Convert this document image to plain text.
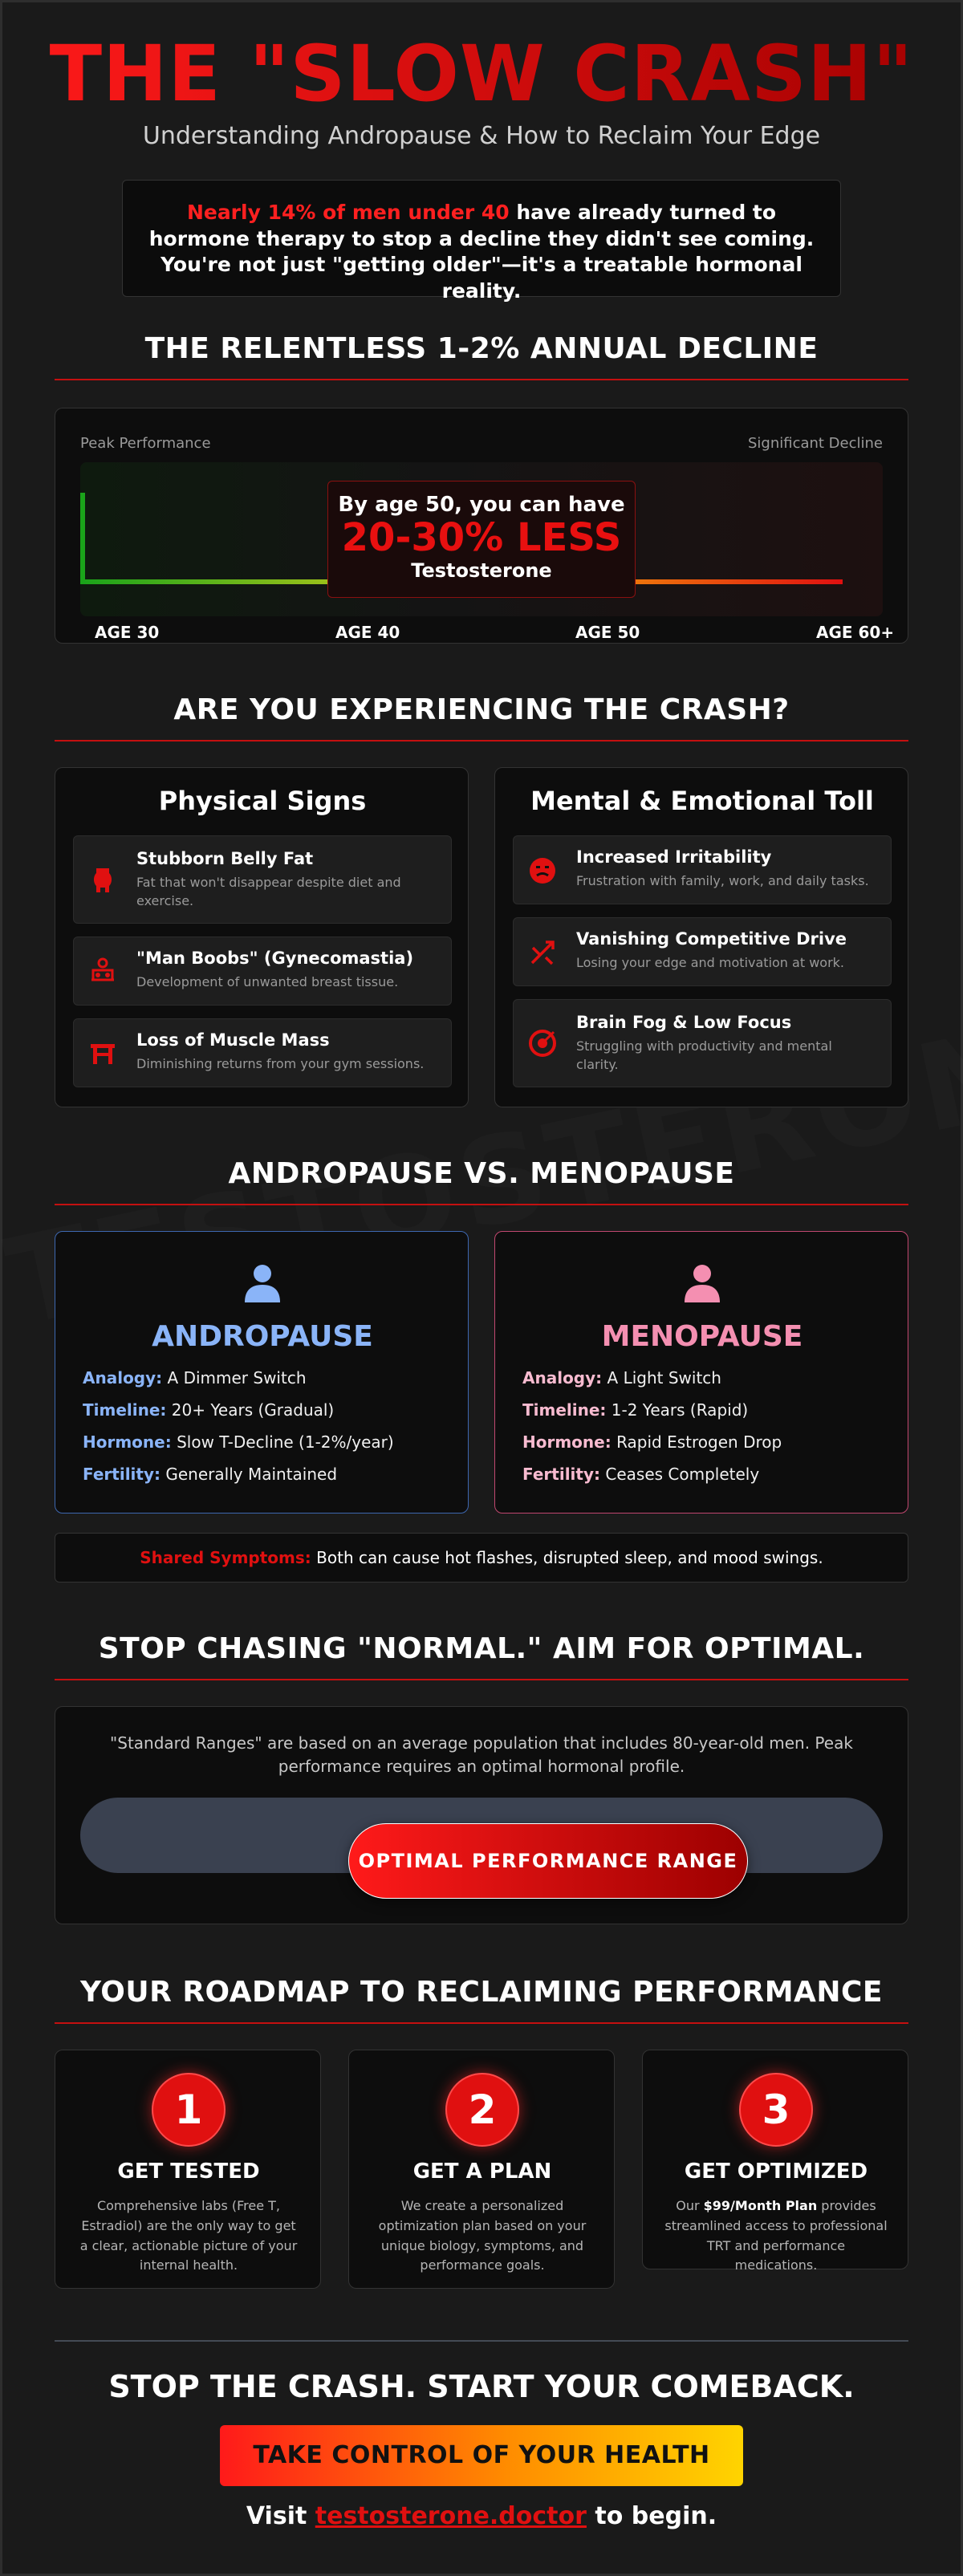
THE "SLOW CRASH"
Understanding Andropause & How to Reclaim Your Edge
Nearly 14% of men under 40 have already turned to hormone therapy to stop a decline they didn't see coming. You're not just "getting older"—it's a treatable hormonal reality.
THE RELENTLESS 1-2% ANNUAL DECLINE
Peak Performance	Significant Decline
By age 50, you can have
20-30% LESS
Testosterone
AGE 30	AGE 40	AGE 50	AGE 60+
ARE YOU EXPERIENCING THE CRASH?
Physical Signs
Stubborn Belly Fat
Fat that won't disappear despite diet and exercise.
"Man Boobs" (Gynecomastia)
Development of unwanted breast tissue.
Loss of Muscle Mass
Diminishing returns from your gym sessions.
Mental & Emotional Toll
Increased Irritability
Frustration with family, work, and daily tasks.
Vanishing Competitive Drive
Losing your edge and motivation at work.
Brain Fog & Low Focus
Struggling with productivity and mental clarity.
ANDROPAUSE VS. MENOPAUSE
ANDROPAUSE
Analogy: A Dimmer Switch
Timeline: 20+ Years (Gradual)
Hormone: Slow T-Decline (1-2%/year)
Fertility: Generally Maintained
MENOPAUSE
Analogy: A Light Switch
Timeline: 1-2 Years (Rapid)
Hormone: Rapid Estrogen Drop
Fertility: Ceases Completely
Shared Symptoms: Both can cause hot flashes, disrupted sleep, and mood swings.
STOP CHASING "NORMAL." AIM FOR OPTIMAL.
"Standard Ranges" are based on an average population that includes 80-year-old men. Peak performance requires an optimal hormonal profile.
OPTIMAL PERFORMANCE RANGE
YOUR ROADMAP TO RECLAIMING PERFORMANCE
1
GET TESTED
Comprehensive labs (Free T, Estradiol) are the only way to get a clear, actionable picture of your internal health.
2
GET A PLAN
We create a personalized optimization plan based on your unique biology, symptoms, and performance goals.
3
GET OPTIMIZED
Our $99/Month Plan provides streamlined access to professional TRT and performance medications.
STOP THE CRASH. START YOUR COMEBACK.
TAKE CONTROL OF YOUR HEALTH
Visit testosterone.doctor to begin.
